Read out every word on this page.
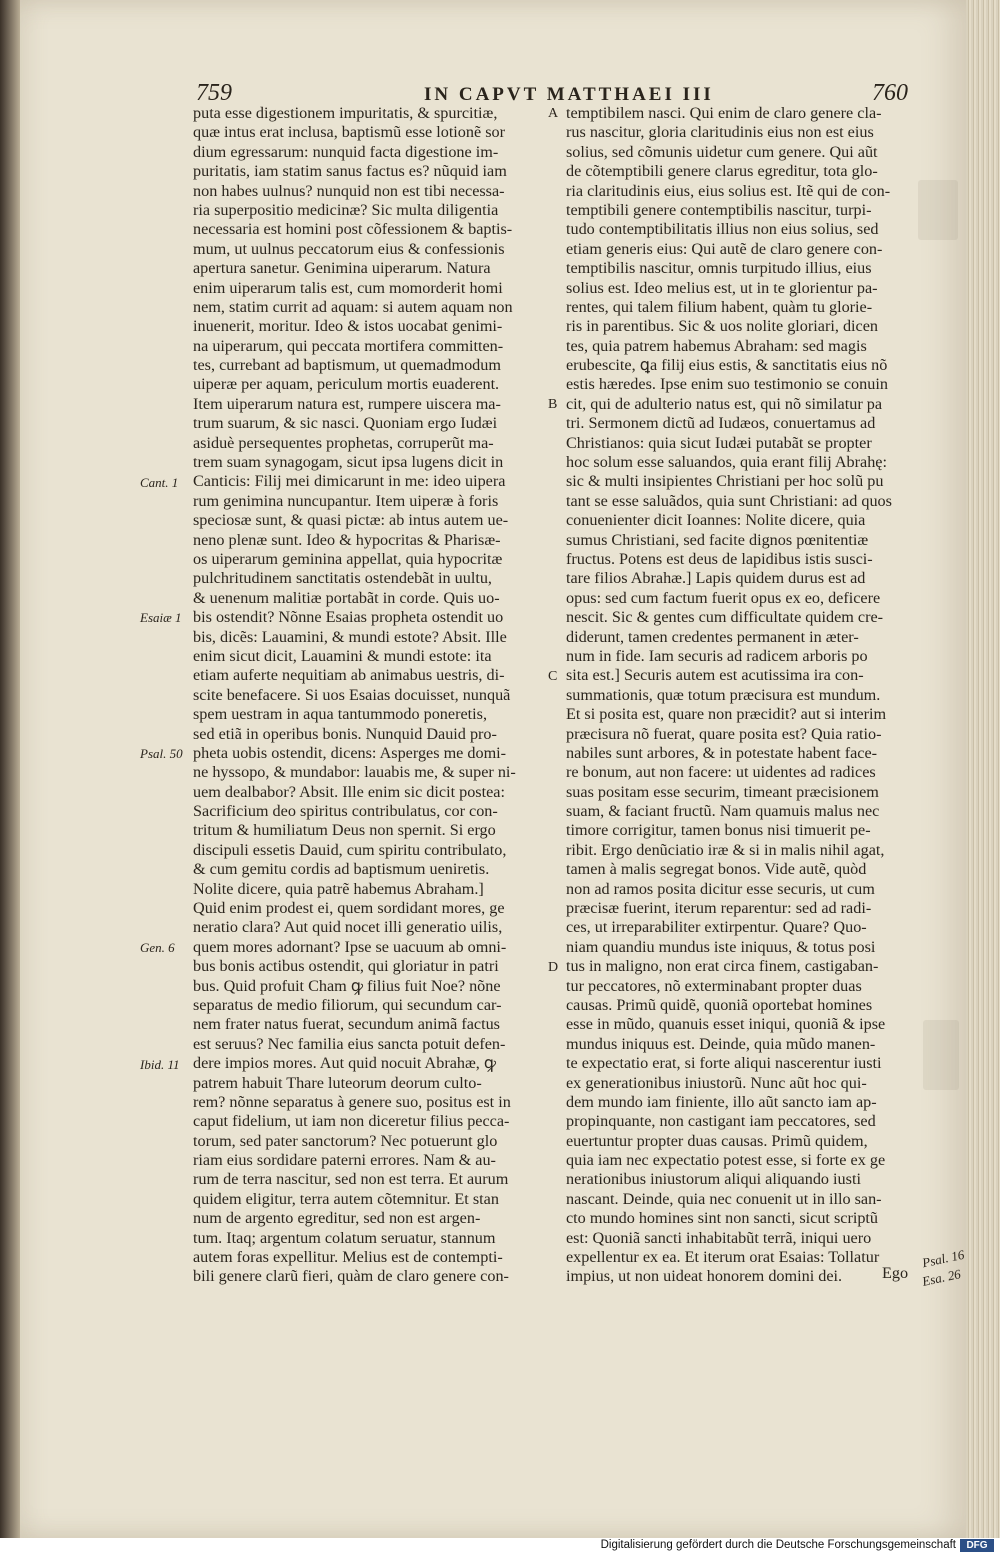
759	IN CAPVT MATTHAEI III	760
puta esse digestionem impuritatis, & spurcitiæ,
quæ intus erat inclusa, baptismũ esse lotionẽ sor
dium egressarum: nunquid facta digestione im-
puritatis, iam statim sanus factus es? nũquid iam
non habes uulnus? nunquid non est tibi necessa-
ria superpositio medicinæ? Sic multa diligentia
necessaria est homini post cõfessionem & baptis-
mum, ut uulnus peccatorum eius & confessionis
apertura sanetur. Genimina uiperarum. Natura
enim uiperarum talis est, cum momorderit homi
nem, statim currit ad aquam: si autem aquam non
inuenerit, moritur. Ideo & istos uocabat genimi-
na uiperarum, qui peccata mortifera committen-
tes, currebant ad baptismum, ut quemadmodum
uiperæ per aquam, periculum mortis euaderent.
Item uiperarum natura est, rumpere uiscera ma-
trum suarum, & sic nasci. Quoniam ergo Iudæi
asiduè persequentes prophetas, corruperũt ma-
trem suam synagogam, sicut ipsa lugens dicit in
Canticis: Filij mei dimicarunt in me: ideo uipera
rum genimina nuncupantur. Item uiperæ à foris
speciosæ sunt, & quasi pictæ: ab intus autem ue-
neno plenæ sunt. Ideo & hypocritas & Pharisæ-
os uiperarum geminina appellat, quia hypocritæ
pulchritudinem sanctitatis ostendebãt in uultu,
& uenenum malitiæ portabãt in corde. Quis uo-
bis ostendit? Nõnne Esaias propheta ostendit uo
bis, dicẽs: Lauamini, & mundi estote? Absit. Ille
enim sicut dicit, Lauamini & mundi estote: ita
etiam auferte nequitiam ab animabus uestris, di-
scite benefacere. Si uos Esaias docuisset, nunquã
spem uestram in aqua tantummodo poneretis,
sed etiã in operibus bonis. Nunquid Dauid pro-
pheta uobis ostendit, dicens: Asperges me domi-
ne hyssopo, & mundabor: lauabis me, & super ni-
uem dealbabor? Absit. Ille enim sic dicit postea:
Sacrificium deo spiritus contribulatus, cor con-
tritum & humiliatum Deus non spernit. Si ergo
discipuli essetis Dauid, cum spiritu contribulato,
& cum gemitu cordis ad baptismum ueniretis.
Nolite dicere, quia patrẽ habemus Abraham.]
Quid enim prodest ei, quem sordidant mores, ge
neratio clara? Aut quid nocet illi generatio uilis,
quem mores adornant? Ipse se uacuum ab omni-
bus bonis actibus ostendit, qui gloriatur in patri
bus. Quid profuit Cham ꝙ filius fuit Noe? nõne
separatus de medio filiorum, qui secundum car-
nem frater natus fuerat, secundum animã factus
est seruus? Nec familia eius sancta potuit defen-
dere impios mores. Aut quid nocuit Abrahæ, ꝙ
patrem habuit Thare luteorum deorum culto-
rem? nõnne separatus à genere suo, positus est in
caput fidelium, ut iam non diceretur filius pecca-
torum, sed pater sanctorum? Nec potuerunt glo
riam eius sordidare paterni errores. Nam & au-
rum de terra nascitur, sed non est terra. Et aurum
quidem eligitur, terra autem cõtemnitur. Et stan
num de argento egreditur, sed non est argen-
tum. Itaq; argentum colatum seruatur, stannum
autem foras expellitur. Melius est de contempti-
bili genere clarũ fieri, quàm de claro genere con-
temptibilem nasci. Qui enim de claro genere cla-
rus nascitur, gloria claritudinis eius non est eius
solius, sed cõmunis uidetur cum genere. Qui aũt
de cõtemptibili genere clarus egreditur, tota glo-
ria claritudinis eius, eius solius est. Itẽ qui de con-
temptibili genere contemptibilis nascitur, turpi-
tudo contemptibilitatis illius non eius solius, sed
etiam generis eius: Qui autẽ de claro genere con-
temptibilis nascitur, omnis turpitudo illius, eius
solius est. Ideo melius est, ut in te glorientur pa-
rentes, qui talem filium habent, quàm tu glorie-
ris in parentibus. Sic & uos nolite gloriari, dicen
tes, quia patrem habemus Abraham: sed magis
erubescite, ꝗa filij eius estis, & sanctitatis eius nõ
estis hæredes. Ipse enim suo testimonio se conuin
cit, qui de adulterio natus est, qui nõ similatur pa
tri. Sermonem dictũ ad Iudæos, conuertamus ad
Christianos: quia sicut Iudæi putabãt se propter
hoc solum esse saluandos, quia erant filij Abrahę:
sic & multi insipientes Christiani per hoc solũ pu
tant se esse saluãdos, quia sunt Christiani: ad quos
conuenienter dicit Ioannes: Nolite dicere, quia
sumus Christiani, sed facite dignos pœnitentiæ
fructus. Potens est deus de lapidibus istis susci-
tare filios Abrahæ.] Lapis quidem durus est ad
opus: sed cum factum fuerit opus ex eo, deficere
nescit. Sic & gentes cum difficultate quidem cre-
diderunt, tamen credentes permanent in æter-
num in fide. Iam securis ad radicem arboris po
sita est.] Securis autem est acutissima ira con-
summationis, quæ totum præcisura est mundum.
Et si posita est, quare non præcidit? aut si interim
præcisura nõ fuerat, quare posita est? Quia ratio-
nabiles sunt arbores, & in potestate habent face-
re bonum, aut non facere: ut uidentes ad radices
suas positam esse securim, timeant præcisionem
suam, & faciant fructũ. Nam quamuis malus nec
timore corrigitur, tamen bonus nisi timuerit pe-
ribit. Ergo denũciatio iræ & si in malis nihil agat,
tamen à malis segregat bonos. Vide autẽ, quòd
non ad ramos posita dicitur esse securis, ut cum
præcisæ fuerint, iterum reparentur: sed ad radi-
ces, ut irreparabiliter extirpentur. Quare? Quo-
niam quandiu mundus iste iniquus, & totus posi
tus in maligno, non erat circa finem, castigaban-
tur peccatores, nõ exterminabant propter duas
causas. Primũ quidẽ, quoniã oportebat homines
esse in mũdo, quanuis esset iniqui, quoniã & ipse
mundus iniquus est. Deinde, quia mũdo manen-
te expectatio erat, si forte aliqui nascerentur iusti
ex generationibus iniustorũ. Nunc aũt hoc qui-
dem mundo iam finiente, illo aũt sancto iam ap-
propinquante, non castigant iam peccatores, sed
euertuntur propter duas causas. Primũ quidem,
quia iam nec expectatio potest esse, si forte ex ge
nerationibus iniustorum aliqui aliquando iusti
nascant. Deinde, quia nec conuenit ut in illo san-
cto mundo homines sint non sancti, sicut scriptũ
est: Quoniã sancti inhabitabũt terrã, iniqui uero
expellentur ex ea. Et iterum orat Esaias: Tollatur
impius, ut non uideat honorem domini dei.
Cant. 1
Esaiæ 1
Psal. 50
Gen. 6
Ibid. 11
Psal. 16
Esa. 26
A
B
C
D
Ego
Digitalisierung gefördert durch die Deutsche Forschungsgemeinschaft	DFG
